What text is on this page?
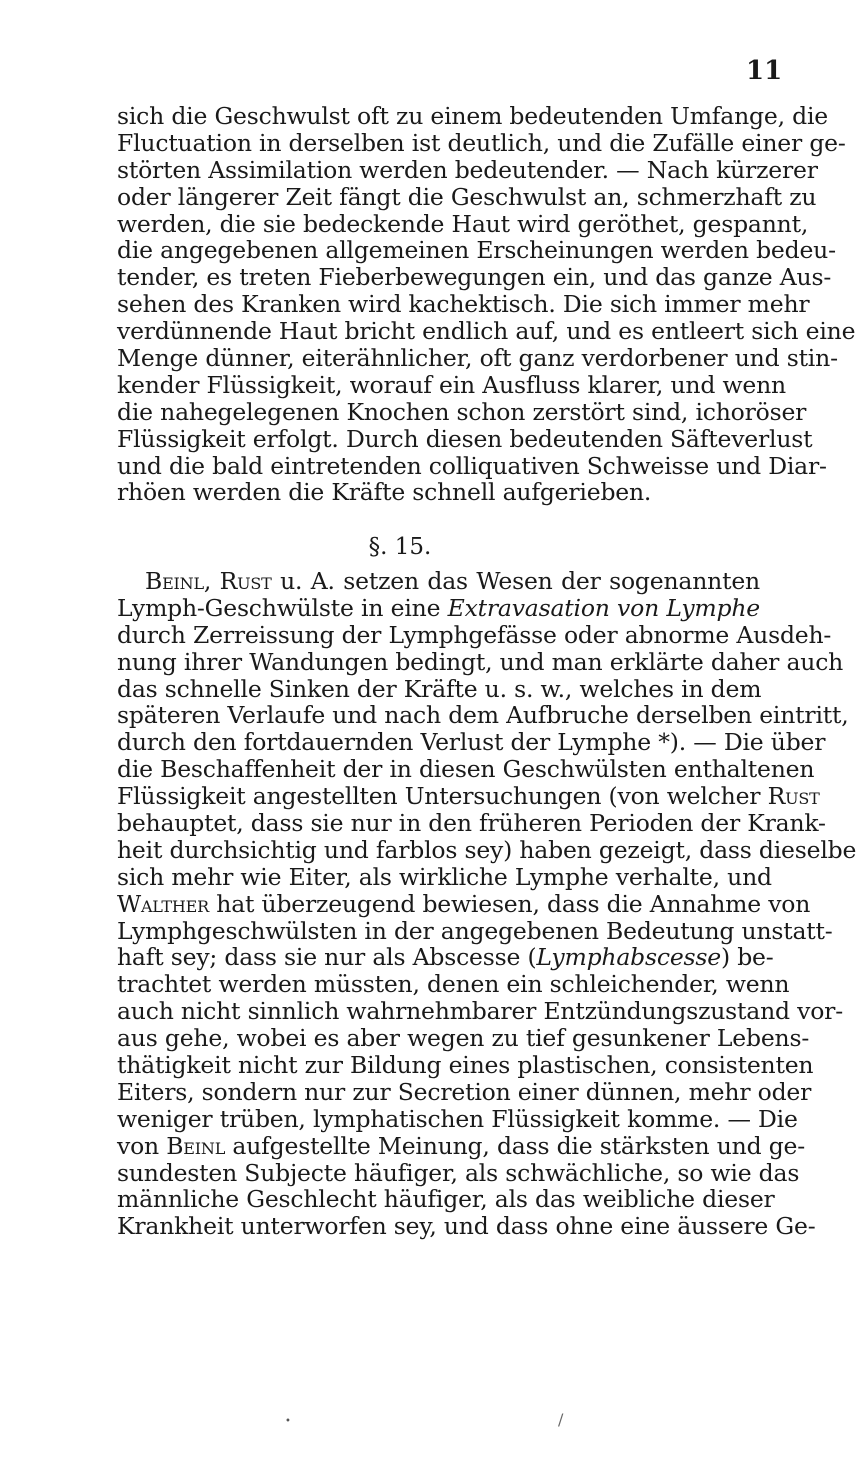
11
sich die Geschwulst oft zu einem bedeutenden Umfange, die
Fluctuation in derselben ist deutlich, und die Zufälle einer ge-
störten Assimilation werden bedeutender. — Nach kürzerer
oder längerer Zeit fängt die Geschwulst an, schmerzhaft zu
werden, die sie bedeckende Haut wird geröthet, gespannt,
die angegebenen allgemeinen Erscheinungen werden bedeu-
tender, es treten Fieberbewegungen ein, und das ganze Aus-
sehen des Kranken wird kachektisch. Die sich immer mehr
verdünnende Haut bricht endlich auf, und es entleert sich eine
Menge dünner, eiterähnlicher, oft ganz verdorbener und stin-
kender Flüssigkeit, worauf ein Ausfluss klarer, und wenn
die nahegelegenen Knochen schon zerstört sind, ichoröser
Flüssigkeit erfolgt. Durch diesen bedeutenden Säfteverlust
und die bald eintretenden colliquativen Schweisse und Diar-
rhöen werden die Kräfte schnell aufgerieben.
§. 15.
Beinl, Rust u. A. setzen das Wesen der sogenannten
Lymph-Geschwülste in eine Extravasation von Lymphe
durch Zerreissung der Lymphgefässe oder abnorme Ausdeh-
nung ihrer Wandungen bedingt, und man erklärte daher auch
das schnelle Sinken der Kräfte u. s. w., welches in dem
späteren Verlaufe und nach dem Aufbruche derselben eintritt,
durch den fortdauernden Verlust der Lymphe *). — Die über
die Beschaffenheit der in diesen Geschwülsten enthaltenen
Flüssigkeit angestellten Untersuchungen (von welcher Rust
behauptet, dass sie nur in den früheren Perioden der Krank-
heit durchsichtig und farblos sey) haben gezeigt, dass dieselbe
sich mehr wie Eiter, als wirkliche Lymphe verhalte, und
Walther hat überzeugend bewiesen, dass die Annahme von
Lymphgeschwülsten in der angegebenen Bedeutung unstatt-
haft sey; dass sie nur als Abscesse (Lymphabscesse) be-
trachtet werden müssten, denen ein schleichender, wenn
auch nicht sinnlich wahrnehmbarer Entzündungszustand vor-
aus gehe, wobei es aber wegen zu tief gesunkener Lebens-
thätigkeit nicht zur Bildung eines plastischen, consistenten
Eiters, sondern nur zur Secretion einer dünnen, mehr oder
weniger trüben, lymphatischen Flüssigkeit komme. — Die
von Beinl aufgestellte Meinung, dass die stärksten und ge-
sundesten Subjecte häufiger, als schwächliche, so wie das
männliche Geschlecht häufiger, als das weibliche dieser
Krankheit unterworfen sey, und dass ohne eine äussere Ge-
•	/
